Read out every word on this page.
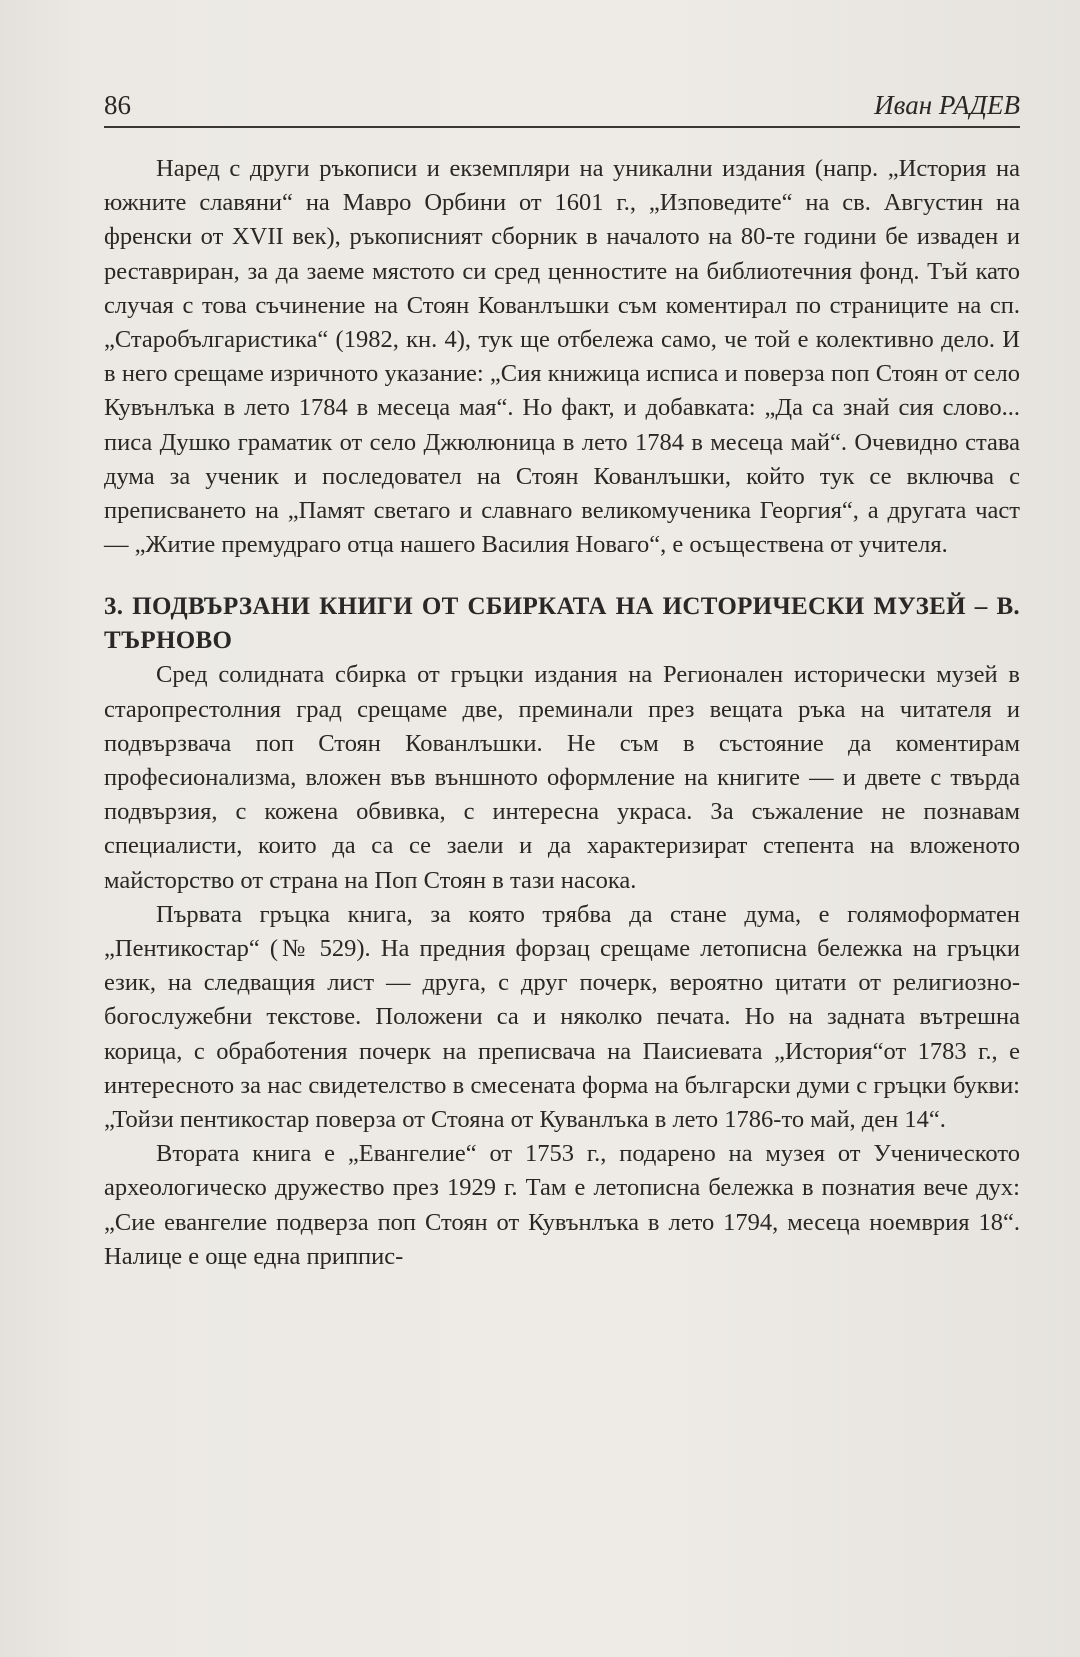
86	Иван РАДЕВ

Наред с други ръкописи и екземпляри на уникални издания (напр. „История на южните славяни“ на Мавро Орбини от 1601 г., „Изповедите“ на св. Августин на френски от XVII век), ръкописният сборник в началото на 80-те години бе изваден и реставриран, за да заеме мястото си сред ценностите на библиотечния фонд. Тъй като случая с това съчинение на Стоян Кованлъшки съм коментирал по страниците на сп. „Старобългаристика“ (1982, кн. 4), тук ще отбележа само, че той е колективно дело. И в него срещаме изричното указание: „Сия книжица исписа и поверза поп Стоян от село Кувънлъка в лето 1784 в месеца мая“. Но факт, и добавката: „Да са знай сия слово... писа Душко граматик от село Джюлюница в лето 1784 в месеца май“. Очевидно става дума за ученик и последовател на Стоян Кованлъшки, който тук се включва с преписването на „Памят светаго и славнаго великомученика Георгия“, а другата част — „Житие премудраго отца нашего Василия Новаго“, е осъществена от учителя.

3. ПОДВЪРЗАНИ КНИГИ ОТ СБИРКАТА НА ИСТОРИЧЕСКИ МУЗЕЙ – В. ТЪРНОВО

Сред солидната сбирка от гръцки издания на Регионален исторически музей в старопрестолния град срещаме две, преминали през вещата ръка на читателя и подвързвача поп Стоян Кованлъшки. Не съм в състояние да коментирам професионализма, вложен във външното оформление на книгите — и двете с твърда подвързия, с кожена обвивка, с интересна украса. За съжаление не познавам специалисти, които да са се заели и да характеризират степента на вложеното майсторство от страна на Поп Стоян в тази насока.

Първата гръцка книга, за която трябва да стане дума, е голямоформатен „Пентикостар“ (№ 529). На предния форзац срещаме летописна бележка на гръцки език, на следващия лист — друга, с друг почерк, вероятно цитати от религиозно-богослужебни текстове. Положени са и няколко печата. Но на задната вътрешна корица, с обработения почерк на преписвача на Паисиевата „История“от 1783 г., е интересното за нас свидетелство в смесената форма на български думи с гръцки букви: „Тойзи пентикостар поверза от Стояна от Куванлъка в лето 1786-то май, ден 14“.

Втората книга е „Евангелие“ от 1753 г., подарено на музея от Ученическото археологическо дружество през 1929 г. Там е летописна бележка в познатия вече дух: „Сие евангелие подверза поп Стоян от Кувънлъка в лето 1794, месеца ноемврия 18“. Налице е още една приппис-
